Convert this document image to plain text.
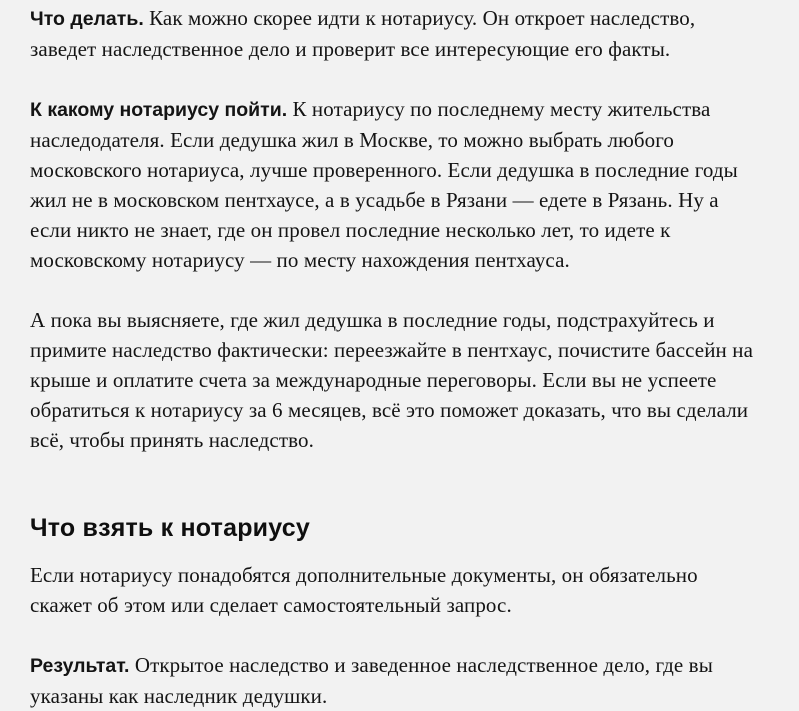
Что делать. Как можно скорее идти к нотариусу. Он откроет наследство, заведет наследственное дело и проверит все интересующие его факты.

К какому нотариусу пойти. К нотариусу по последнему месту жительства наследодателя. Если дедушка жил в Москве, то можно выбрать любого московского нотариуса, лучше проверенного. Если дедушка в последние годы жил не в московском пентхаусе, а в усадьбе в Рязани — едете в Рязань. Ну а если никто не знает, где он провел последние несколько лет, то идете к московскому нотариусу — по месту нахождения пентхауса.

А пока вы выясняете, где жил дедушка в последние годы, подстрахуйтесь и примите наследство фактически: переезжайте в пентхаус, почистите бассейн на крыше и оплатите счета за международные переговоры. Если вы не успеете обратиться к нотариусу за 6 месяцев, всё это поможет доказать, что вы сделали всё, чтобы принять наследство.

Что взять к нотариусу

Если нотариусу понадобятся дополнительные документы, он обязательно скажет об этом или сделает самостоятельный запрос.

Результат. Открытое наследство и заведенное наследственное дело, где вы указаны как наследник дедушки.
